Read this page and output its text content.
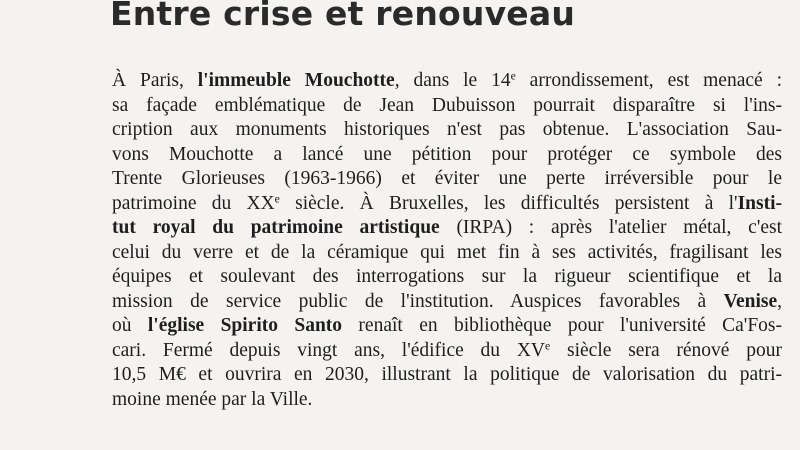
Entre crise et renouveau
À Paris, l'immeuble Mouchotte, dans le 14e arrondissement, est menacé :
sa façade emblématique de Jean Dubuisson pourrait disparaître si l'ins-
cription aux monuments historiques n'est pas obtenue. L'association Sau-
vons Mouchotte a lancé une pétition pour protéger ce symbole des
Trente Glorieuses (1963-1966) et éviter une perte irréversible pour le
patrimoine du XXe siècle. À Bruxelles, les difficultés persistent à l'Insti-
tut royal du patrimoine artistique (IRPA) : après l'atelier métal, c'est
celui du verre et de la céramique qui met fin à ses activités, fragilisant les
équipes et soulevant des interrogations sur la rigueur scientifique et la
mission de service public de l'institution. Auspices favorables à Venise,
où l'église Spirito Santo renaît en bibliothèque pour l'université Ca'Fos-
cari. Fermé depuis vingt ans, l'édifice du XVe siècle sera rénové pour
10,5 M€ et ouvrira en 2030, illustrant la politique de valorisation du patri-
moine menée par la Ville.
